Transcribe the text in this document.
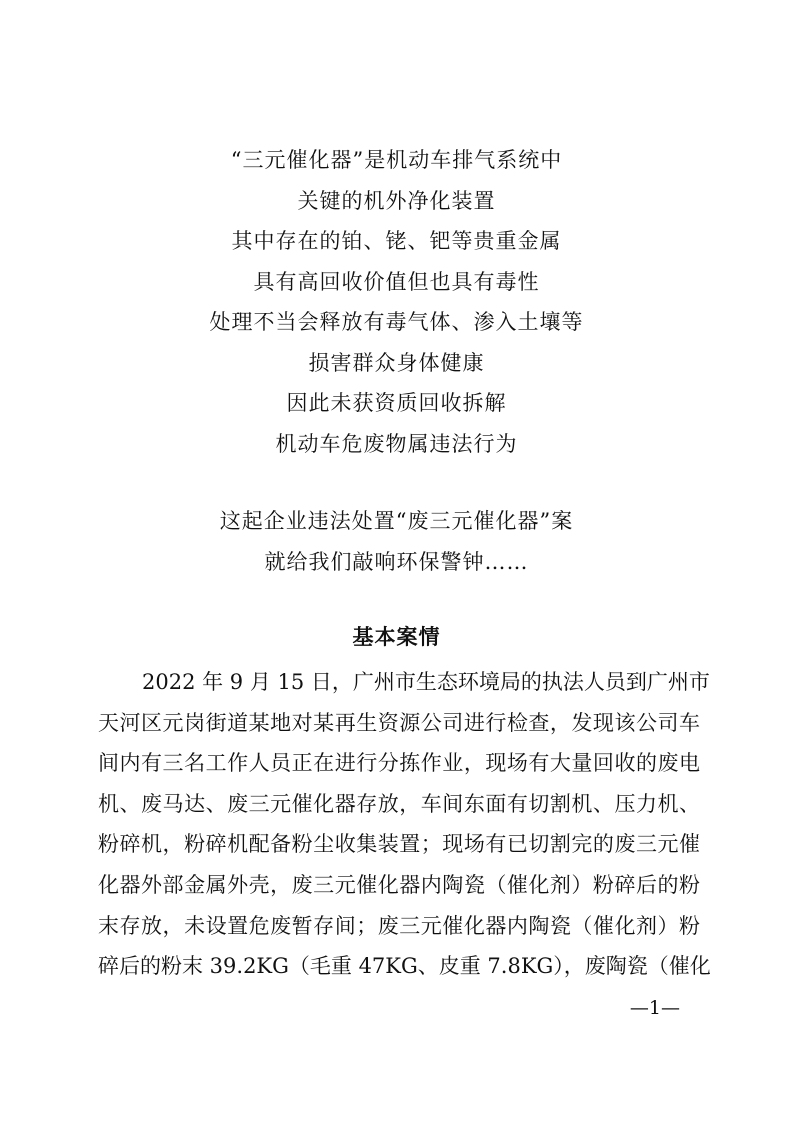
“三元催化器”是机动车排气系统中
关键的机外净化装置
其中存在的铂、铑、钯等贵重金属
具有高回收价值但也具有毒性
处理不当会释放有毒气体、渗入土壤等
损害群众身体健康
因此未获资质回收拆解
机动车危废物属违法行为
这起企业违法处置“废三元催化器”案
就给我们敲响环保警钟……
基本案情
2022 年 9 月 15 日，广州市生态环境局的执法人员到广州市
天河区元岗街道某地对某再生资源公司进行检查，发现该公司车
间内有三名工作人员正在进行分拣作业，现场有大量回收的废电
机、废马达、废三元催化器存放，车间东面有切割机、压力机、
粉碎机，粉碎机配备粉尘收集装置；现场有已切割完的废三元催
化器外部金属外壳，废三元催化器内陶瓷（催化剂）粉碎后的粉
末存放，未设置危废暂存间；废三元催化器内陶瓷（催化剂）粉
碎后的粉末 39.2KG（毛重 47KG、皮重 7.8KG），废陶瓷（催化
—1—
